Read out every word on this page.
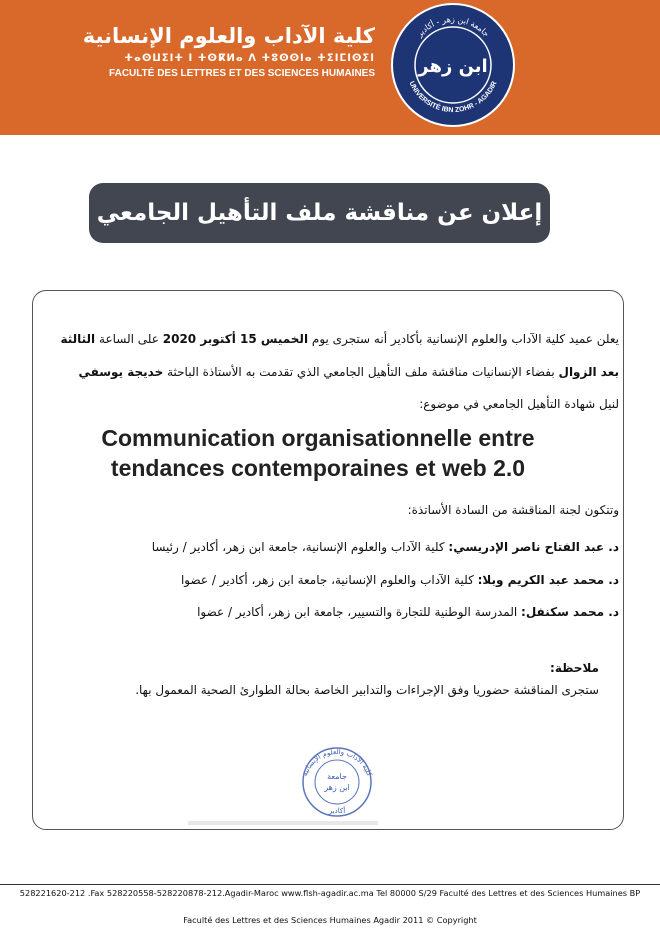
كلية الآداب والعلوم الإنسانية
ⵜⴰⵙⵡⵉⵏⵜ ⵏ ⵜⵙⴽⵍⴰ ⴷ ⵜⵓⵙⵙⵏⴰ ⵜⵉⵏⵎⵏⵙⵉⵏ
FACULTÉ DES LETTRES ET DES SCIENCES HUMAINES
جامعة ابن زهر - أكادير
UNIVERSITÉ IBN ZOHR - AGADIR
ابن زهر
إعلان عن مناقشة ملف التأهيل الجامعي
يعلن عميد كلية الآداب والعلوم الإنسانية بأكادير أنه ستجرى يوم الخميس 15 أكتوبر 2020 على الساعة الثالثة
بعد الزوال بفضاء الإنسانيات مناقشة ملف التأهيل الجامعي الذي تقدمت به الأستاذة الباحثة خديجة يوسفي
لنيل شهادة التأهيل الجامعي في موضوع:
Communication organisationnelle entre
tendances contemporaines et web 2.0
وتتكون لجنة المناقشة من السادة الأساتذة:
د. عبد الفتاح ناصر الإدريسي: كلية الآداب والعلوم الإنسانية، جامعة ابن زهر، أكادير / رئيسا
د. محمد عبد الكريم وبلا: كلية الآداب والعلوم الإنسانية، جامعة ابن زهر، أكادير / عضوا
د. محمد سكنفل: المدرسة الوطنية للتجارة والتسيير، جامعة ابن زهر، أكادير / عضوا
ملاحظة:
ستجرى المناقشة حضوريا وفق الإجراءات والتدابير الخاصة بحالة الطوارئ الصحية المعمول بها.
كلية الآداب والعلوم الإنسانية
جامعة
ابن زهر
أكادير
528221620-212 .Fax 528220558-528220878-212.Agadir-Maroc www.flsh-agadir.ac.ma Tel 80000 S/29 Faculté des Lettres et des Sciences Humaines BP
Faculté des Lettres et des Sciences Humaines Agadir 2011 © Copyright
